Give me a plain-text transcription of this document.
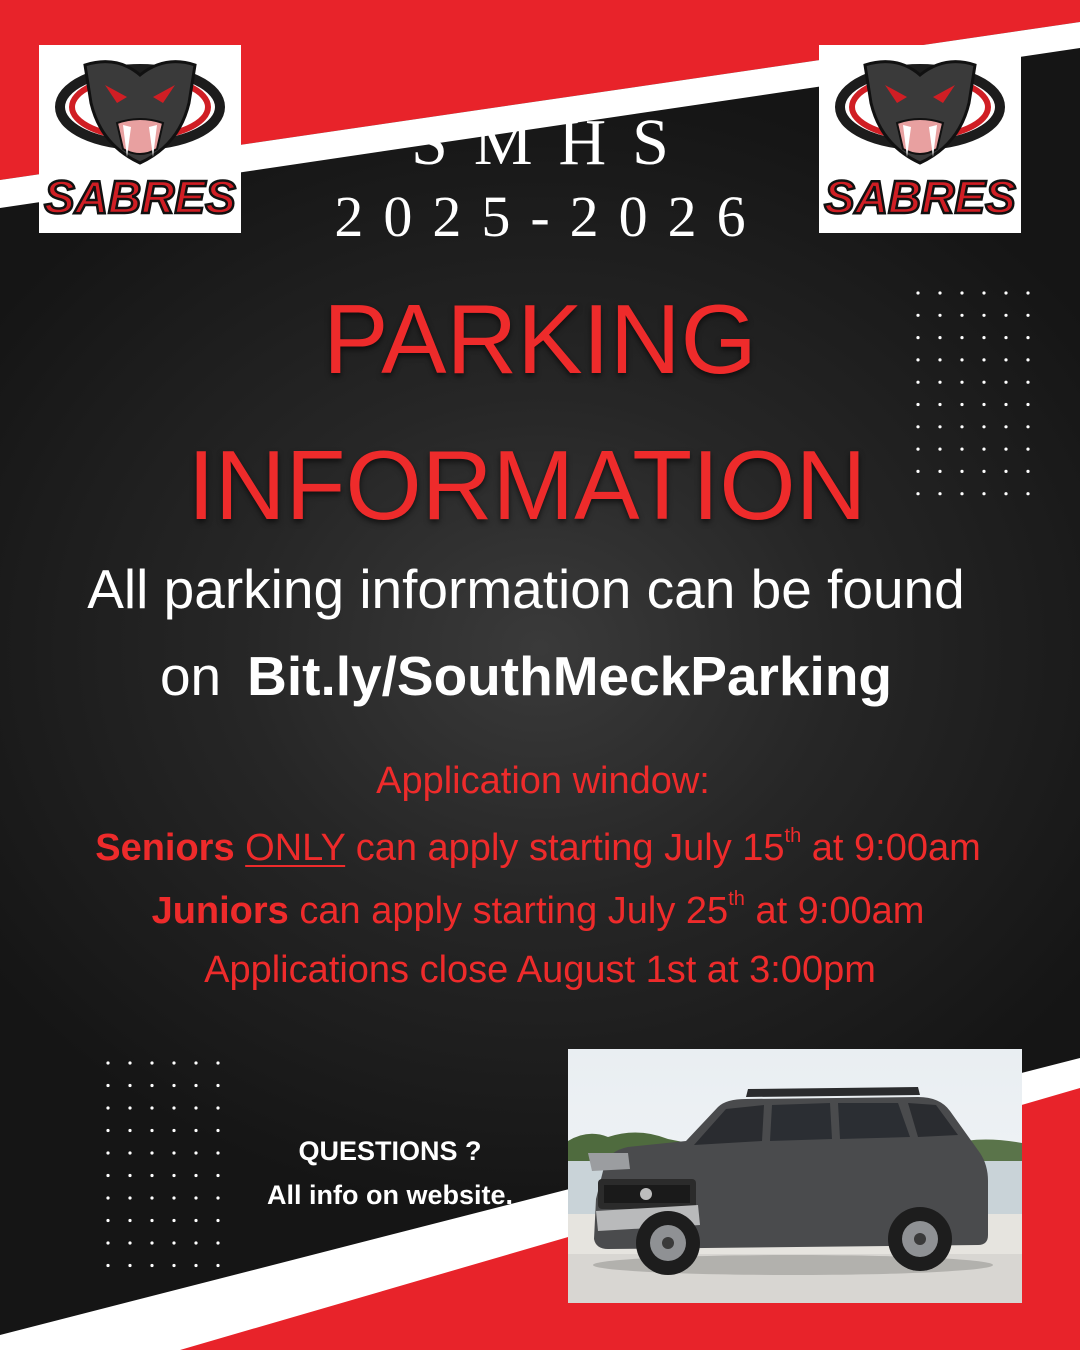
SABRES	SABRES
SMHS
2025-2026
PARKING
INFORMATION
All parking information can be found
on Bit.ly/SouthMeckParking
Application window:
Seniors ONLY can apply starting July 15th at 9:00am
Juniors can apply starting July 25th at 9:00am
Applications close August 1st at 3:00pm
QUESTIONS ?
All info on website.
